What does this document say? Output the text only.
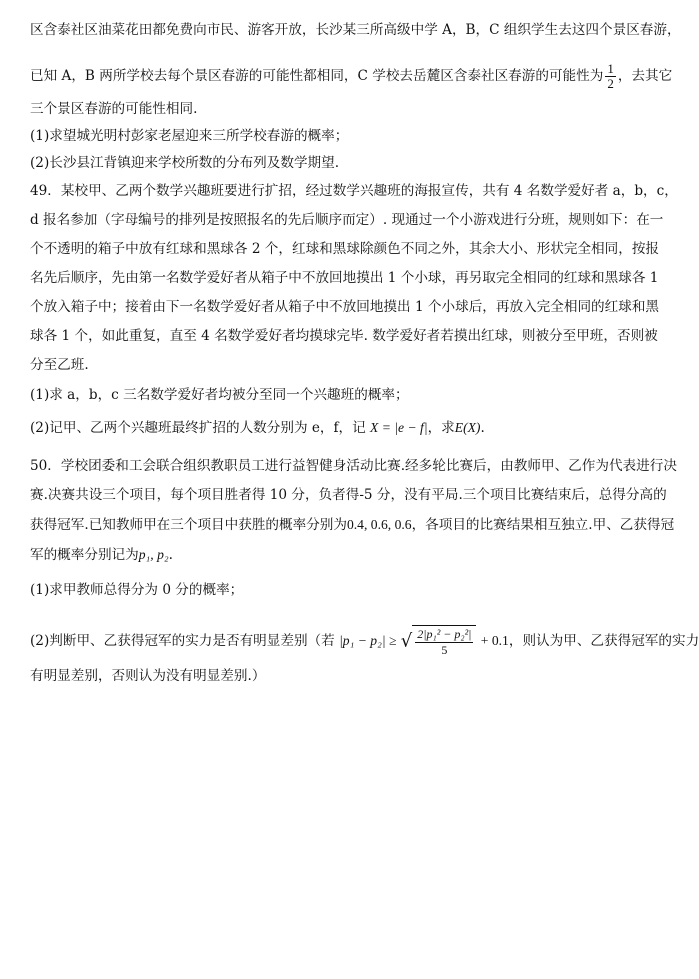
区含泰社区油菜花田都免费向市民、游客开放，长沙某三所高级中学 A，B，C 组织学生去这四个景区春游，
已知 A，B 两所学校去每个景区春游的可能性都相同，C 学校去岳麓区含泰社区春游的可能性为 $\frac{1}{2}$ ，去其它
三个景区春游的可能性相同.
(1)求望城光明村彭家老屋迎来三所学校春游的概率；
(2)长沙县江背镇迎来学校所数的分布列及数学期望.
49．某校甲、乙两个数学兴趣班要进行扩招，经过数学兴趣班的海报宣传，共有 4 名数学爱好者 a，b，c，
d 报名参加（字母编号的排列是按照报名的先后顺序而定）. 现通过一个小游戏进行分班，规则如下：在一
个不透明的箱子中放有红球和黑球各 2 个，红球和黑球除颜色不同之外，其余大小、形状完全相同，按报
名先后顺序，先由第一名数学爱好者从箱子中不放回地摸出 1 个小球，再另取完全相同的红球和黑球各 1
个放入箱子中；接着由下一名数学爱好者从箱子中不放回地摸出 1 个小球后，再放入完全相同的红球和黑
球各 1 个，如此重复，直至 4 名数学爱好者均摸球完毕. 数学爱好者若摸出红球，则被分至甲班，否则被
分至乙班.
(1)求 a，b，c 三名数学爱好者均被分至同一个兴趣班的概率；
(2)记甲、乙两个兴趣班最终扩招的人数分别为 e，f，记 X = |e − f|，求E(X).
50．学校团委和工会联合组织教职员工进行益智健身活动比赛.经多轮比赛后，由教师甲、乙作为代表进行决
赛.决赛共设三个项目，每个项目胜者得 10 分，负者得-5 分，没有平局.三个项目比赛结束后，总得分高的
获得冠军.已知教师甲在三个项目中获胜的概率分别为0.4, 0.6, 0.6，各项目的比赛结果相互独立.甲、乙获得冠
军的概率分别记为p₁, p₂.
(1)求甲教师总得分为 0 分的概率；
(2)判断甲、乙获得冠军的实力是否有明显差别（若 |p₁ − p₂| ≥ √ $\frac{\text{2|p₁² − p₂²|}}{5} + 0.1$，则认为甲、乙获得冠军的实力
有明显差别，否则认为没有明显差别.）
